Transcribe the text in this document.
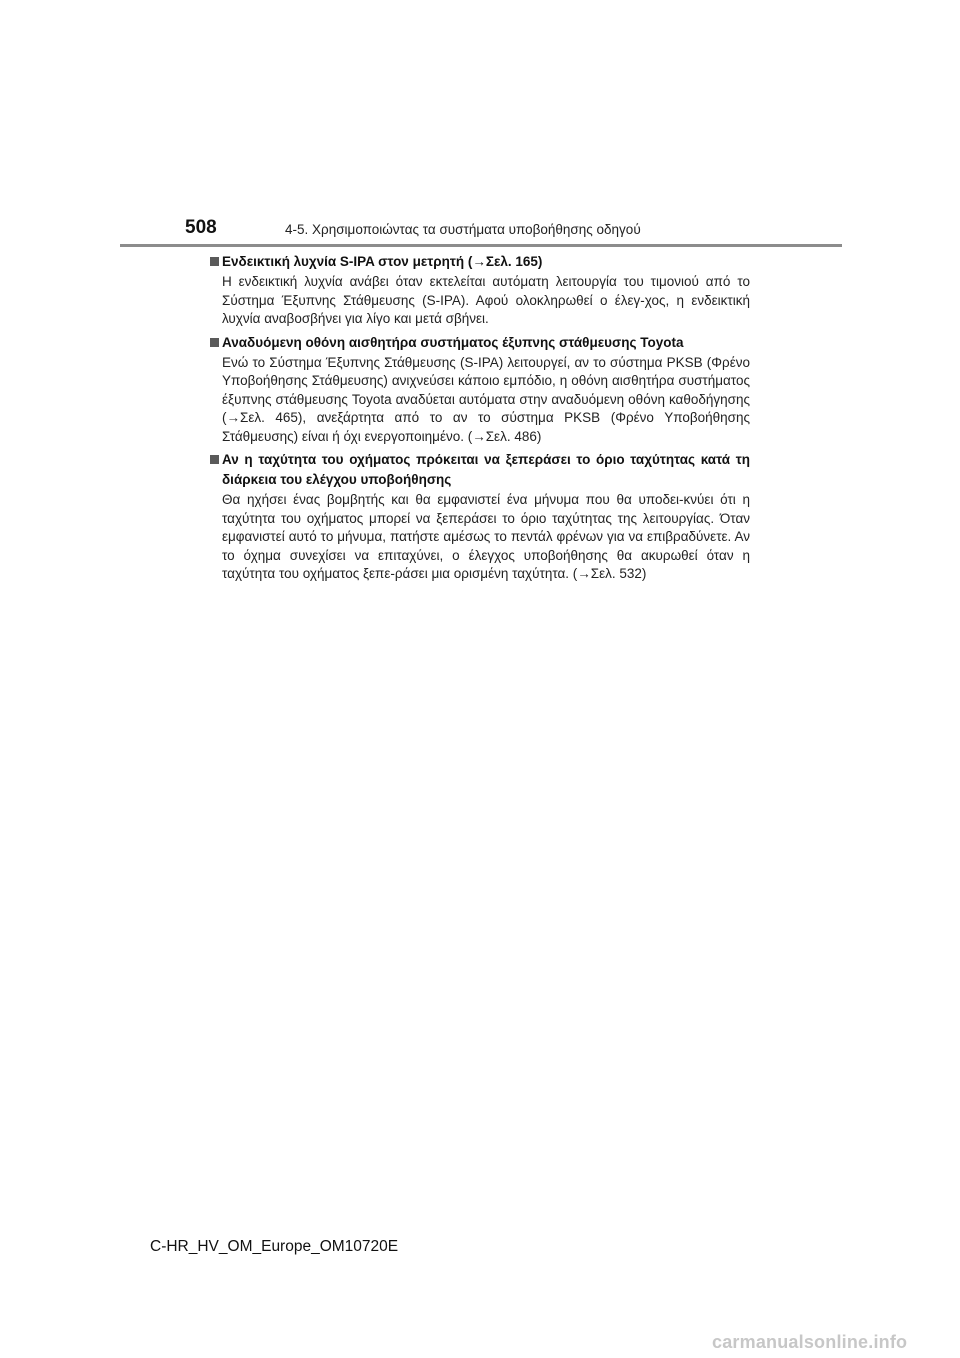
508	4-5. Χρησιμοποιώντας τα συστήματα υποβοήθησης οδηγού
Ενδεικτική λυχνία S-IPA στον μετρητή (→Σελ. 165)
Η ενδεικτική λυχνία ανάβει όταν εκτελείται αυτόματη λειτουργία του τιμονιού από το Σύστημα Έξυπνης Στάθμευσης (S-IPA). Αφού ολοκληρωθεί ο έλεγ-χος, η ενδεικτική λυχνία αναβοσβήνει για λίγο και μετά σβήνει.
Αναδυόμενη οθόνη αισθητήρα συστήματος έξυπνης στάθμευσης Toyota
Ενώ το Σύστημα Έξυπνης Στάθμευσης (S-IPA) λειτουργεί, αν το σύστημα PKSB (Φρένο Υποβοήθησης Στάθμευσης) ανιχνεύσει κάποιο εμπόδιο, η οθόνη αισθητήρα συστήματος έξυπνης στάθμευσης Toyota αναδύεται αυτόματα στην αναδυόμενη οθόνη καθοδήγησης (→Σελ. 465), ανεξάρτητα από το αν το σύστημα PKSB (Φρένο Υποβοήθησης Στάθμευσης) είναι ή όχι ενεργοποιημένο. (→Σελ. 486)
Αν η ταχύτητα του οχήματος πρόκειται να ξεπεράσει το όριο ταχύτητας κατά τη διάρκεια του ελέγχου υποβοήθησης
Θα ηχήσει ένας βομβητής και θα εμφανιστεί ένα μήνυμα που θα υποδει-κνύει ότι η ταχύτητα του οχήματος μπορεί να ξεπεράσει το όριο ταχύτητας της λειτουργίας. Όταν εμφανιστεί αυτό το μήνυμα, πατήστε αμέσως το πεντάλ φρένων για να επιβραδύνετε. Αν το όχημα συνεχίσει να επιταχύνει, ο έλεγχος υποβοήθησης θα ακυρωθεί όταν η ταχύτητα του οχήματος ξεπε-ράσει μια ορισμένη ταχύτητα. (→Σελ. 532)
C-HR_HV_OM_Europe_OM10720E
carmanualsonline.info
